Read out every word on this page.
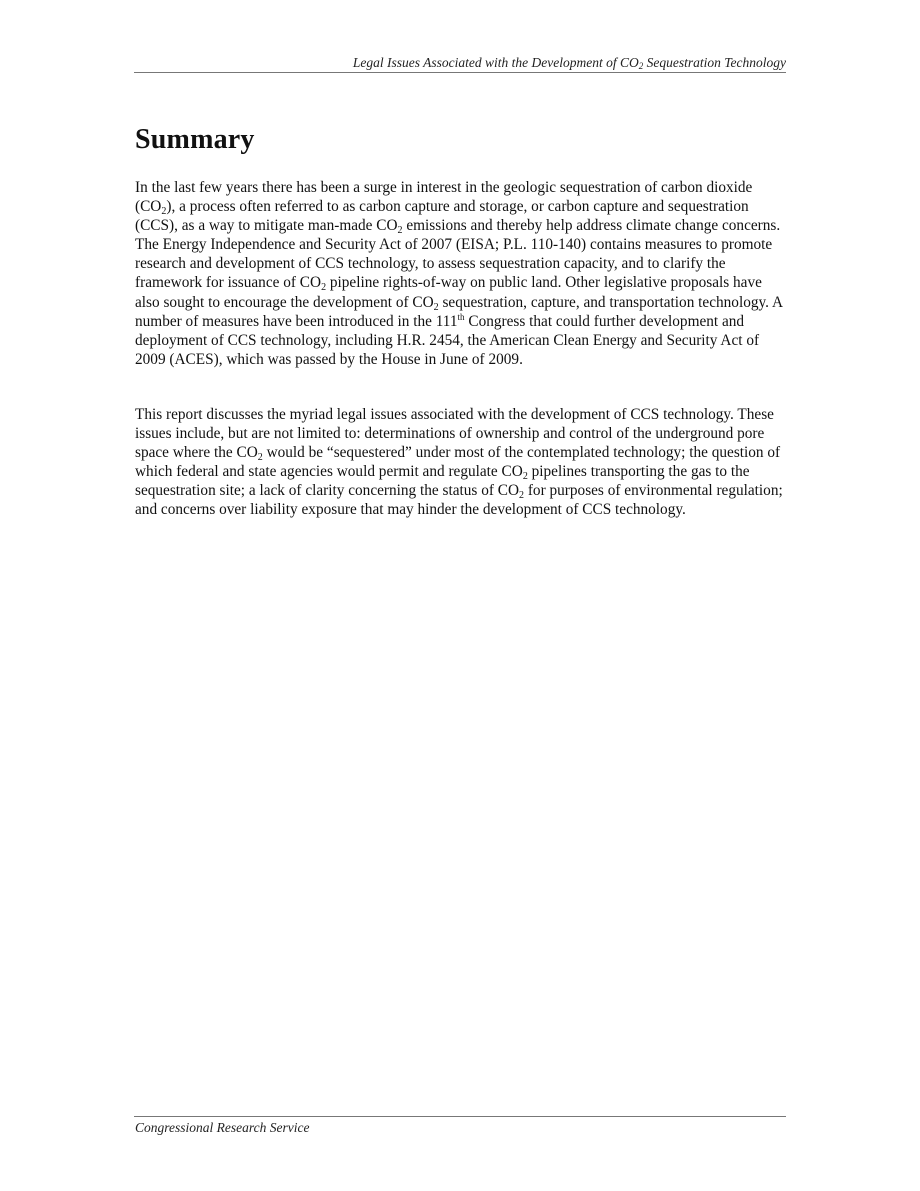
Legal Issues Associated with the Development of CO2 Sequestration Technology
Summary

In the last few years there has been a surge in interest in the geologic sequestration of carbon dioxide $(CO_2)$, a process often referred to as carbon capture and storage, or carbon capture and sequestration (CCS), as a way to mitigate man-made $CO_2$ emissions and thereby help address climate change concerns. The Energy Independence and Security Act of 2007 (EISA; P.L. 110-140) contains measures to promote research and development of CCS technology, to assess sequestration capacity, and to clarify the framework for issuance of $CO_2$ pipeline rights-of-way on public land. Other legislative proposals have also sought to encourage the development of $CO_2$ sequestration, capture, and transportation technology. A number of measures have been introduced in the 111th Congress that could further development and deployment of CCS technology, including H.R. 2454, the American Clean Energy and Security Act of 2009 (ACES), which was passed by the House in June of 2009.

This report discusses the myriad legal issues associated with the development of CCS technology. These issues include, but are not limited to: determinations of ownership and control of the underground pore space where the $CO_2$ would be “sequestered” under most of the contemplated technology; the question of which federal and state agencies would permit and regulate $CO_2$ pipelines transporting the gas to the sequestration site; a lack of clarity concerning the status of $CO_2$ for purposes of environmental regulation; and concerns over liability exposure that may hinder the development of CCS technology.

Congressional Research Service
